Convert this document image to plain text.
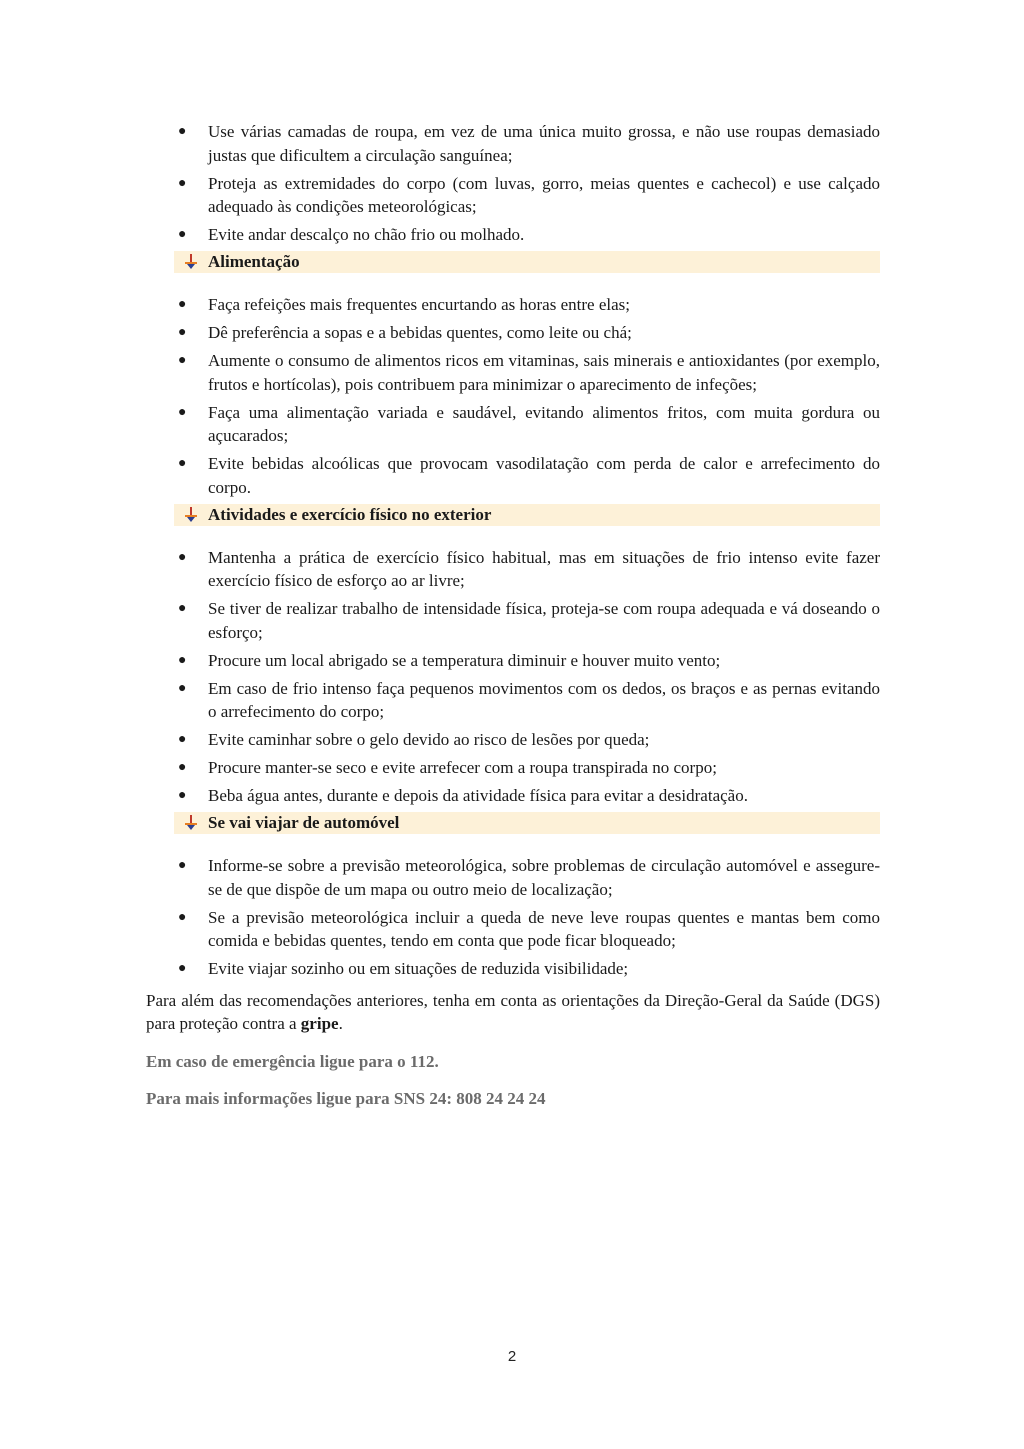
● Use várias camadas de roupa, em vez de uma única muito grossa, e não use roupas demasiado justas que dificultem a circulação sanguínea;
● Proteja as extremidades do corpo (com luvas, gorro, meias quentes e cachecol) e use calçado adequado às condições meteorológicas;
● Evite andar descalço no chão frio ou molhado.
Alimentação
● Faça refeições mais frequentes encurtando as horas entre elas;
● Dê preferência a sopas e a bebidas quentes, como leite ou chá;
● Aumente o consumo de alimentos ricos em vitaminas, sais minerais e antioxidantes (por exemplo, frutos e hortícolas), pois contribuem para minimizar o aparecimento de infeções;
● Faça uma alimentação variada e saudável, evitando alimentos fritos, com muita gordura ou açucarados;
● Evite bebidas alcoólicas que provocam vasodilatação com perda de calor e arrefecimento do corpo.
Atividades e exercício físico no exterior
● Mantenha a prática de exercício físico habitual, mas em situações de frio intenso evite fazer exercício físico de esforço ao ar livre;
● Se tiver de realizar trabalho de intensidade física, proteja-se com roupa adequada e vá doseando o esforço;
● Procure um local abrigado se a temperatura diminuir e houver muito vento;
● Em caso de frio intenso faça pequenos movimentos com os dedos, os braços e as pernas evitando o arrefecimento do corpo;
● Evite caminhar sobre o gelo devido ao risco de lesões por queda;
● Procure manter-se seco e evite arrefecer com a roupa transpirada no corpo;
● Beba água antes, durante e depois da atividade física para evitar a desidratação.
Se vai viajar de automóvel
● Informe-se sobre a previsão meteorológica, sobre problemas de circulação automóvel e assegure-se de que dispõe de um mapa ou outro meio de localização;
● Se a previsão meteorológica incluir a queda de neve leve roupas quentes e mantas bem como comida e bebidas quentes, tendo em conta que pode ficar bloqueado;
● Evite viajar sozinho ou em situações de reduzida visibilidade;

Para além das recomendações anteriores, tenha em conta as orientações da Direção-Geral da Saúde (DGS) para proteção contra a gripe.

Em caso de emergência ligue para o 112.

Para mais informações ligue para SNS 24: 808 24 24 24

2
